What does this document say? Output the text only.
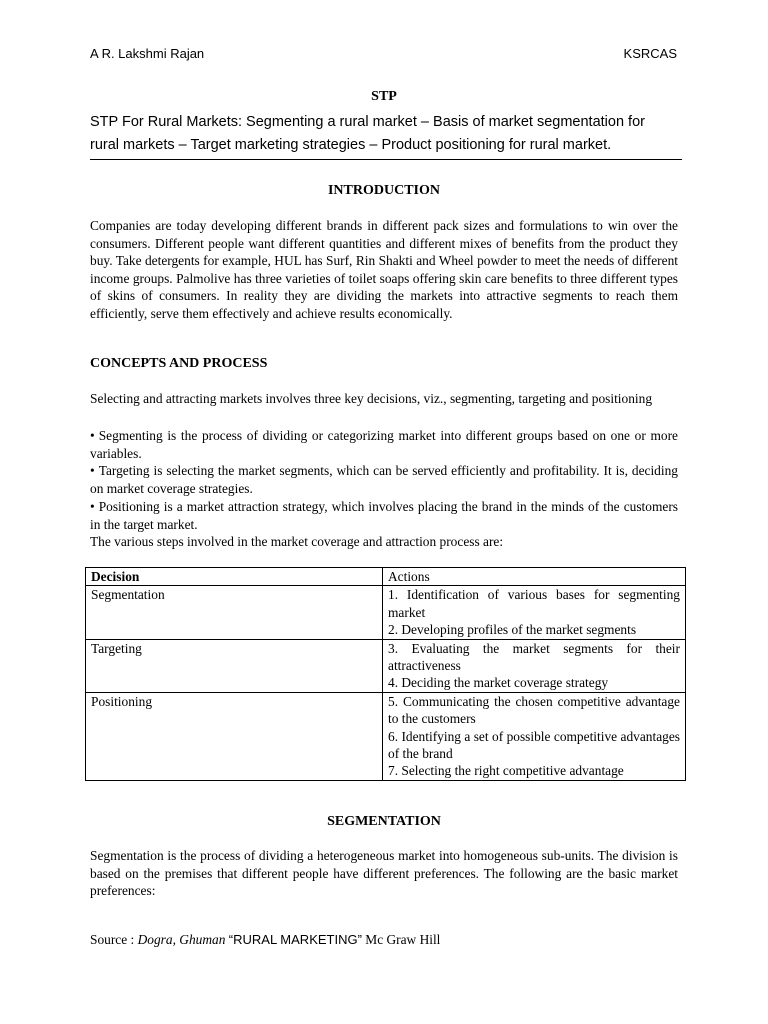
A R. Lakshmi Rajan	KSRCAS
STP
STP For Rural Markets: Segmenting a rural market – Basis of market segmentation for
rural markets – Target marketing strategies – Product positioning for rural market.
INTRODUCTION

Companies are today developing different brands in different pack sizes and formulations to win over the consumers. Different people want different quantities and different mixes of benefits from the product they buy. Take detergents for example, HUL has Surf, Rin Shakti and Wheel powder to meet the needs of different income groups. Palmolive has three varieties of toilet soaps offering skin care benefits to three different types of skins of consumers. In reality they are dividing the markets into attractive segments to reach them efficiently, serve them effectively and achieve results economically.

CONCEPTS AND PROCESS

Selecting and attracting markets involves three key decisions, viz., segmenting, targeting and positioning

• Segmenting is the process of dividing or categorizing market into different groups based on one or more variables.
• Targeting is selecting the market segments, which can be served efficiently and profitability. It is, deciding on market coverage strategies.
• Positioning is a market attraction strategy, which involves placing the brand in the minds of the customers in the target market.

The various steps involved in the market coverage and attraction process are:

Decision	Actions
Segmentation	1. Identification of various bases for segmenting market
2. Developing profiles of the market segments

Targeting	3. Evaluating the market segments for their attractiveness
4. Deciding the market coverage strategy

Positioning	5. Communicating the chosen competitive advantage to the customers
6. Identifying a set of possible competitive advantages of the brand
7. Selecting the right competitive advantage
SEGMENTATION

Segmentation is the process of dividing a heterogeneous market into homogeneous sub-units. The division is based on the premises that different people have different preferences. The following are the basic market preferences:

Source : Dogra, Ghuman “RURAL MARKETING” Mc Graw Hill
